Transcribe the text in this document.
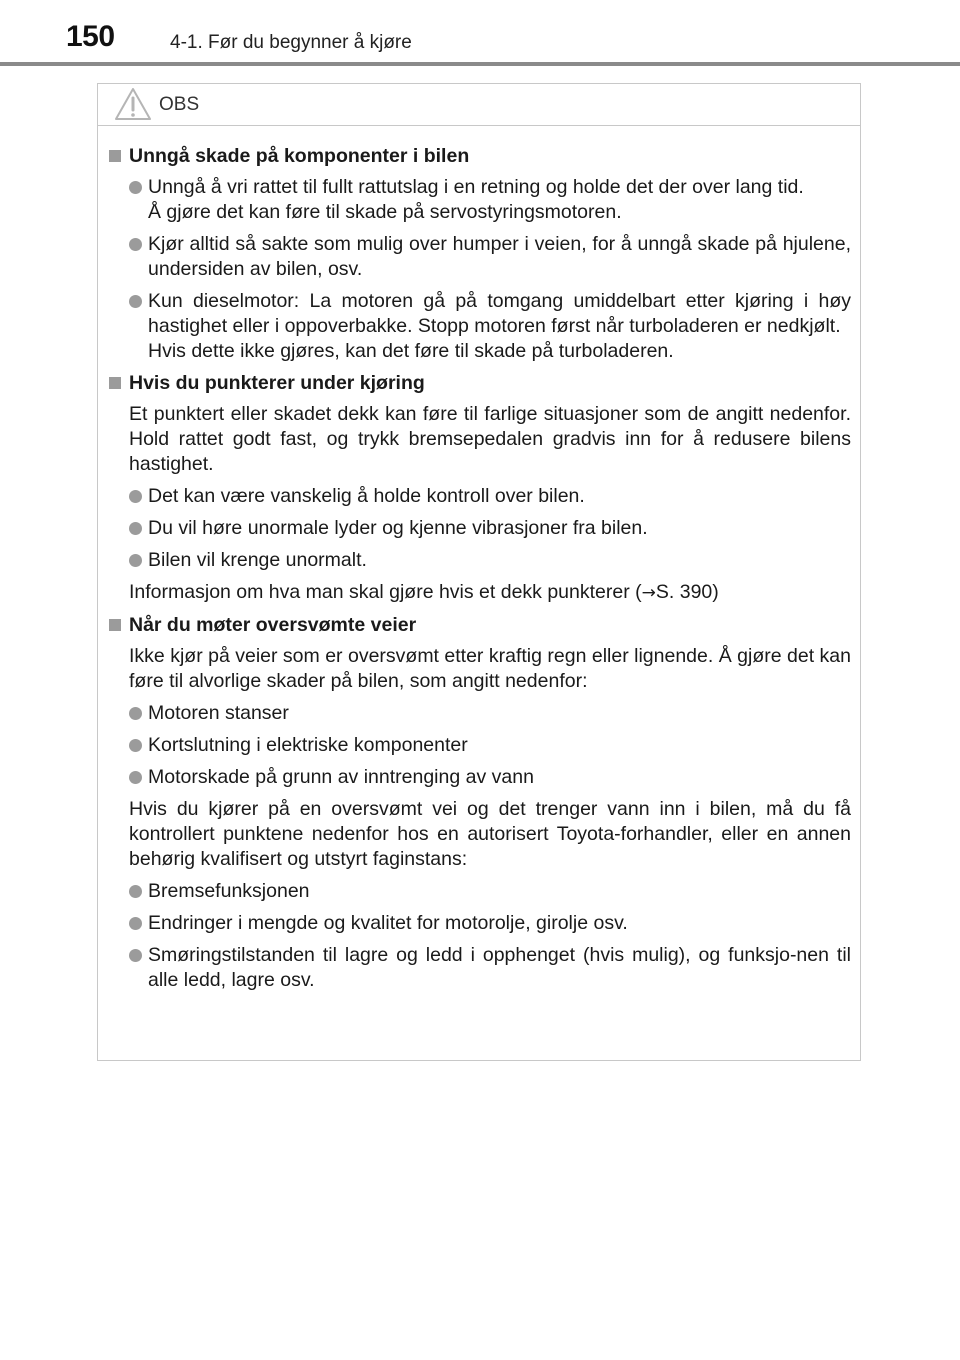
150	4-1. Før du begynner å kjøre
OBS
Unngå skade på komponenter i bilen
Unngå å vri rattet til fullt rattutslag i en retning og holde det der over lang tid.
Å gjøre det kan føre til skade på servostyringsmotoren.
Kjør alltid så sakte som mulig over humper i veien, for å unngå skade på hjulene, undersiden av bilen, osv.
Kun dieselmotor: La motoren gå på tomgang umiddelbart etter kjøring i høy hastighet eller i oppoverbakke. Stopp motoren først når turboladeren er nedkjølt.
Hvis dette ikke gjøres, kan det føre til skade på turboladeren.
Hvis du punkterer under kjøring
Et punktert eller skadet dekk kan føre til farlige situasjoner som de angitt nedenfor. Hold rattet godt fast, og trykk bremsepedalen gradvis inn for å redusere bilens hastighet.
Det kan være vanskelig å holde kontroll over bilen.
Du vil høre unormale lyder og kjenne vibrasjoner fra bilen.
Bilen vil krenge unormalt.
Informasjon om hva man skal gjøre hvis et dekk punkterer (→S. 390)
Når du møter oversvømte veier
Ikke kjør på veier som er oversvømt etter kraftig regn eller lignende. Å gjøre det kan føre til alvorlige skader på bilen, som angitt nedenfor:
Motoren stanser
Kortslutning i elektriske komponenter
Motorskade på grunn av inntrenging av vann
Hvis du kjører på en oversvømt vei og det trenger vann inn i bilen, må du få kontrollert punktene nedenfor hos en autorisert Toyota-forhandler, eller en annen behørig kvalifisert og utstyrt faginstans:
Bremsefunksjonen
Endringer i mengde og kvalitet for motorolje, girolje osv.
Smøringstilstanden til lagre og ledd i opphenget (hvis mulig), og funksjo-nen til alle ledd, lagre osv.
